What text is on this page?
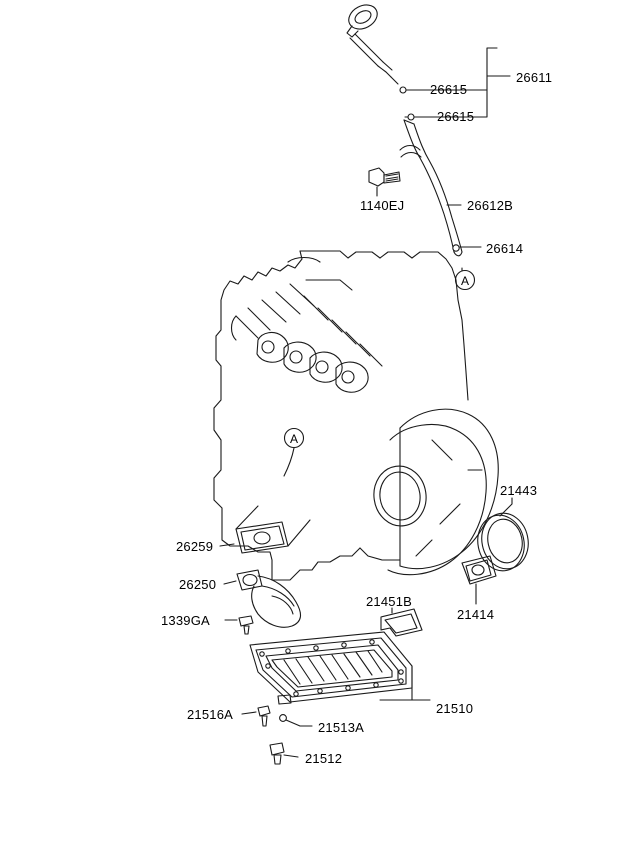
A
A
26611
26615
26615
1140EJ	26612B
26614
21443
26259
26250
21414
21451B
1339GA
21510
21516A
21513A
21512
